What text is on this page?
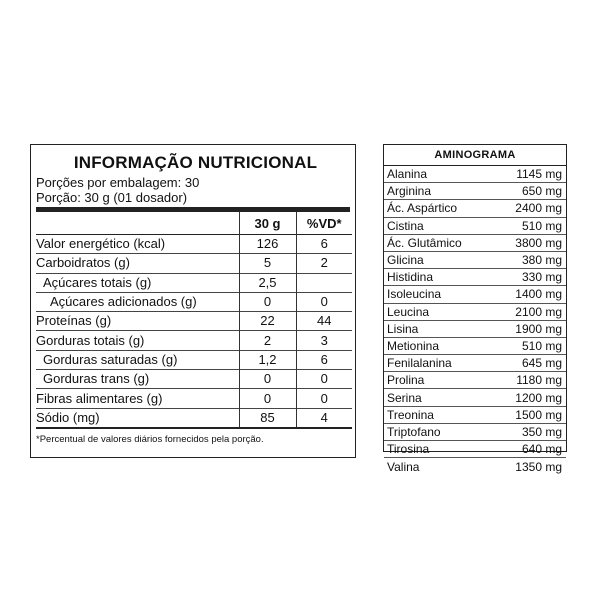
INFORMAÇÃO NUTRICIONAL
Porções por embalagem: 30
Porção: 30 g (01 dosador)
	30 g	%VD*
Valor energético (kcal)	126	6
Carboidratos (g)	5	2
Açúcares totais (g)	2,5	
Açúcares adicionados (g)	0	0
Proteínas (g)	22	44
Gorduras totais (g)	2	3
Gorduras saturadas (g)	1,2	6
Gorduras trans (g)	0	0
Fibras alimentares (g)	0	0
Sódio (mg)	85	4
*Percentual de valores diários fornecidos pela porção.
AMINOGRAMA
Alanina	1145 mg
Arginina	650 mg
Ác. Aspártico	2400 mg
Cistina	510 mg
Ác. Glutâmico	3800 mg
Glicina	380 mg
Histidina	330 mg
Isoleucina	1400 mg
Leucina	2100 mg
Lisina	1900 mg
Metionina	510 mg
Fenilalanina	645 mg
Prolina	1180 mg
Serina	1200 mg
Treonina	1500 mg
Triptofano	350 mg
Tirosina	640 mg
Valina	1350 mg
